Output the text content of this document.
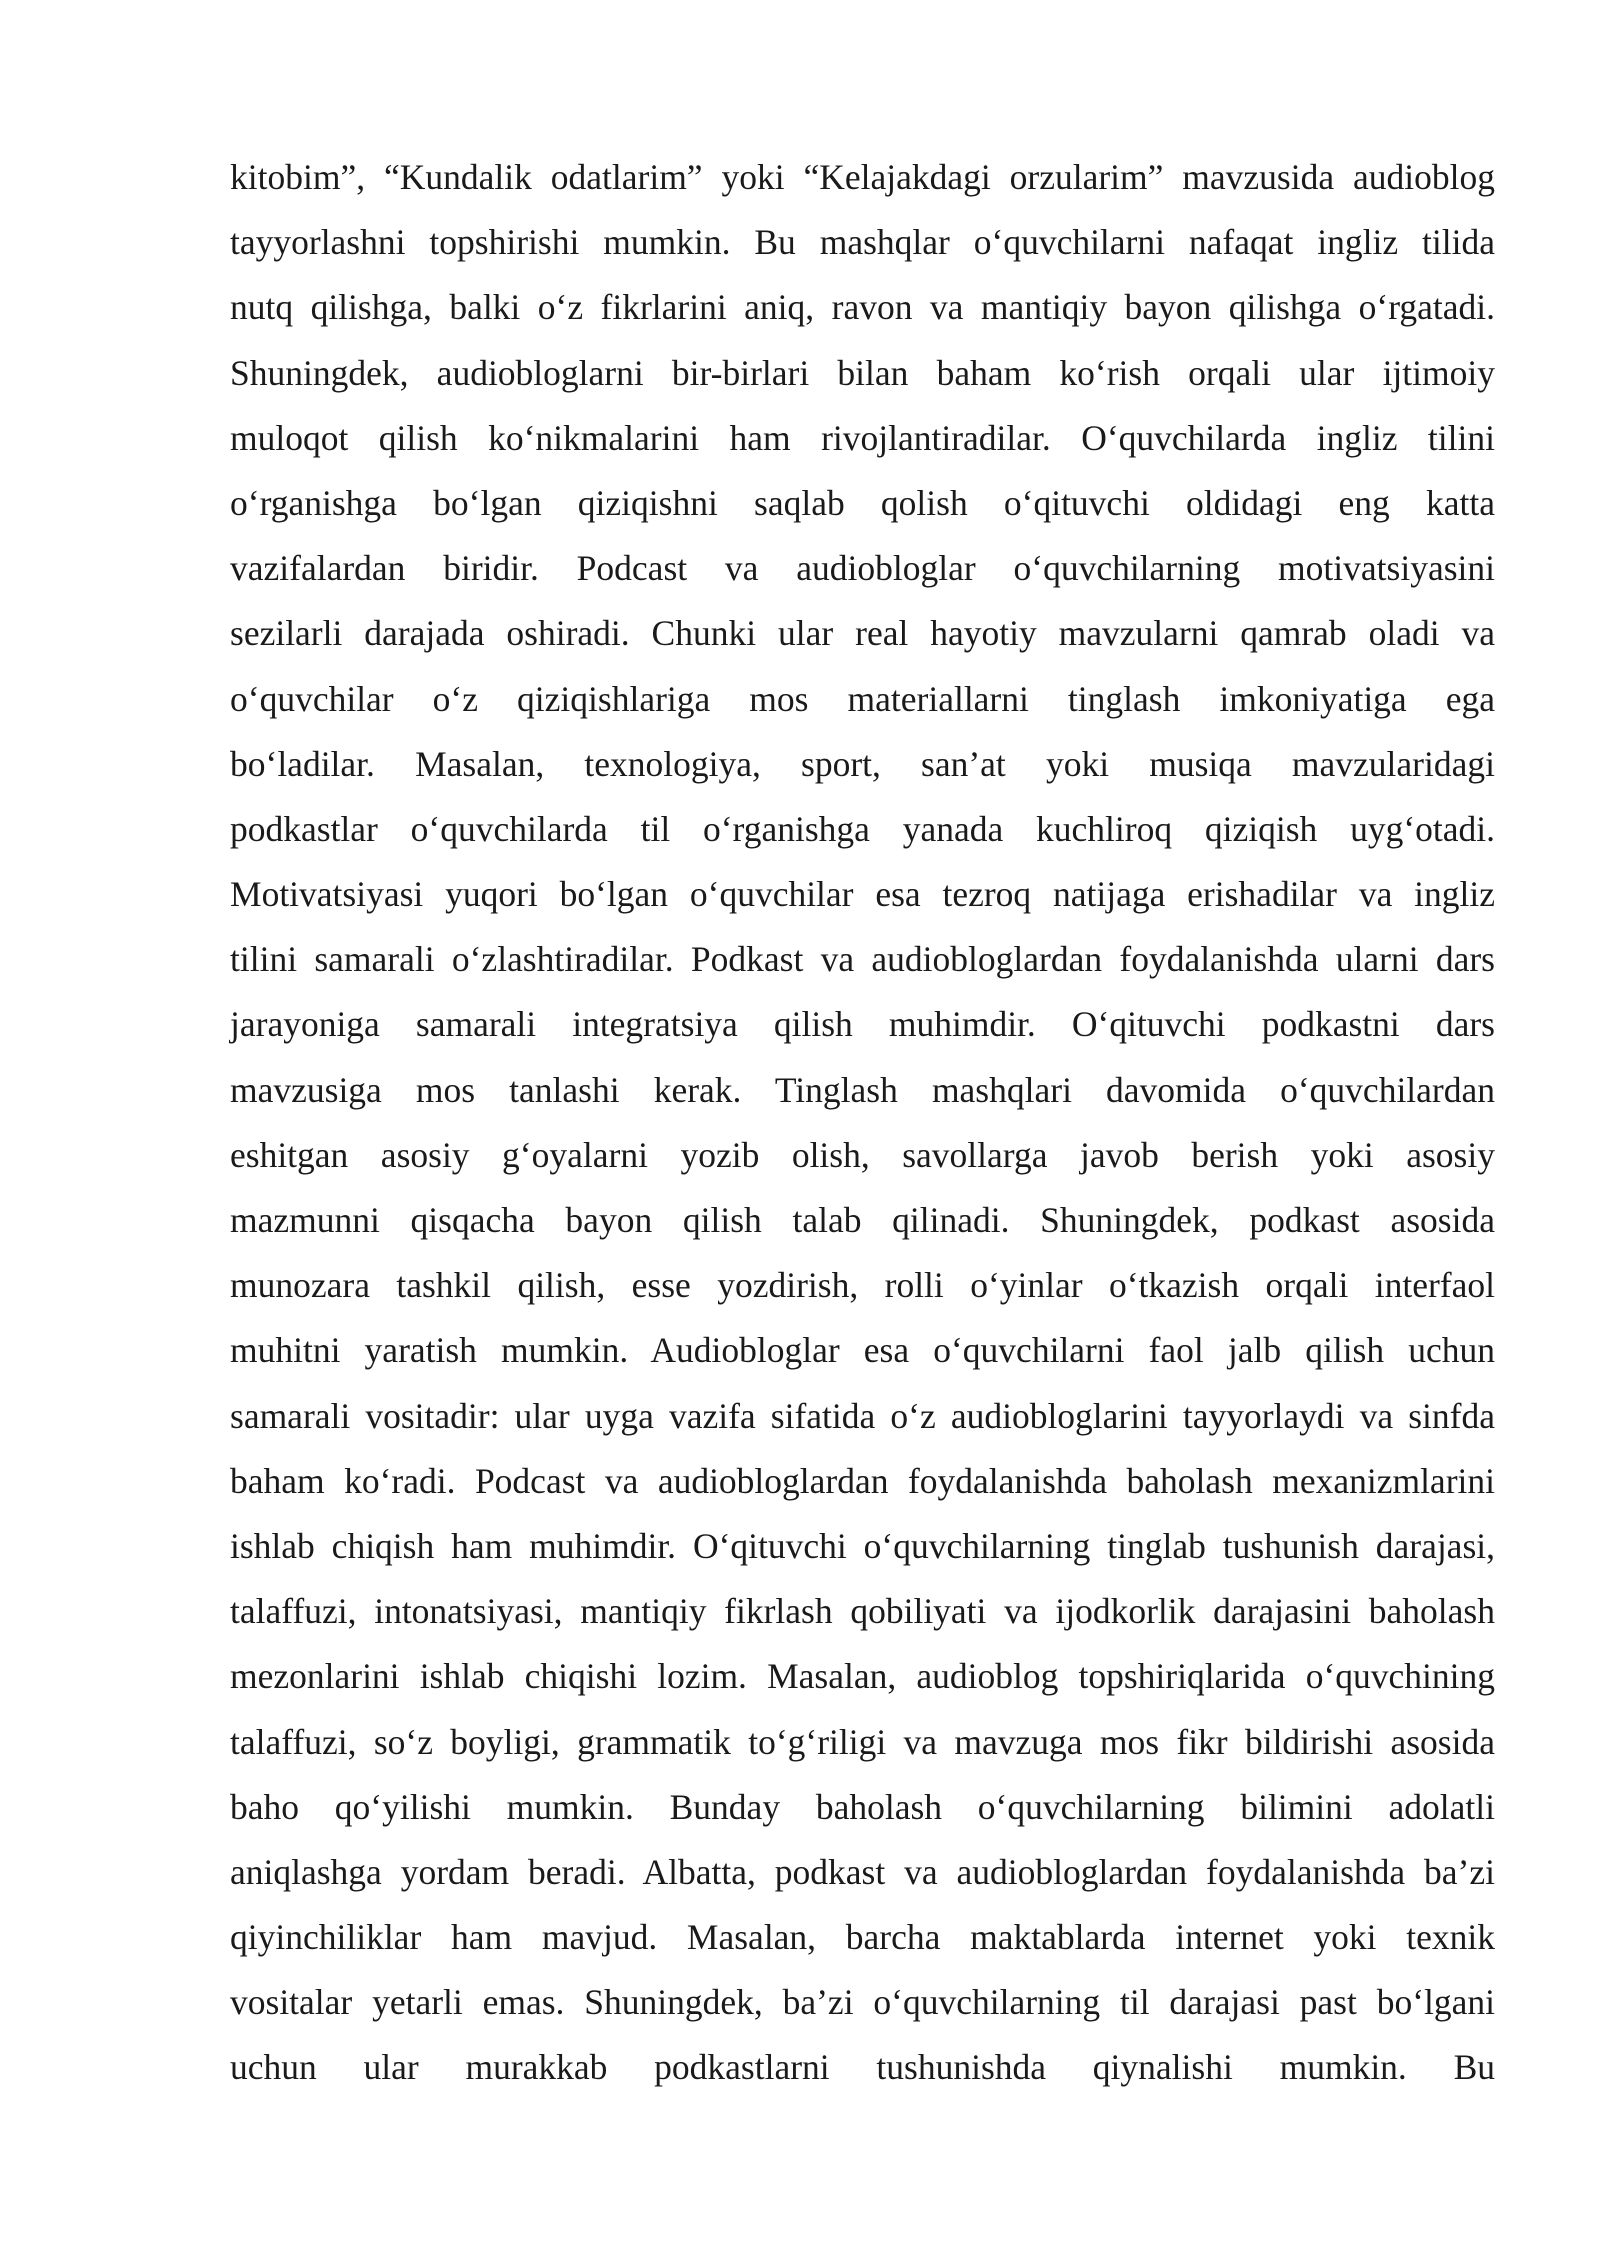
kitobim”, “Kundalik odatlarim” yoki “Kelajakdagi orzularim” mavzusida audioblog
tayyorlashni topshirishi mumkin. Bu mashqlar o‘quvchilarni nafaqat ingliz tilida
nutq qilishga, balki o‘z fikrlarini aniq, ravon va mantiqiy bayon qilishga o‘rgatadi.
Shuningdek, audiobloglarni bir-birlari bilan baham ko‘rish orqali ular ijtimoiy
muloqot qilish ko‘nikmalarini ham rivojlantiradilar. O‘quvchilarda ingliz tilini
o‘rganishga bo‘lgan qiziqishni saqlab qolish o‘qituvchi oldidagi eng katta
vazifalardan biridir. Podcast va audiobloglar o‘quvchilarning motivatsiyasini
sezilarli darajada oshiradi. Chunki ular real hayotiy mavzularni qamrab oladi va
o‘quvchilar o‘z qiziqishlariga mos materiallarni tinglash imkoniyatiga ega
bo‘ladilar. Masalan, texnologiya, sport, san’at yoki musiqa mavzularidagi
podkastlar o‘quvchilarda til o‘rganishga yanada kuchliroq qiziqish uyg‘otadi.
Motivatsiyasi yuqori bo‘lgan o‘quvchilar esa tezroq natijaga erishadilar va ingliz
tilini samarali o‘zlashtiradilar. Podkast va audiobloglardan foydalanishda ularni dars
jarayoniga samarali integratsiya qilish muhimdir. O‘qituvchi podkastni dars
mavzusiga mos tanlashi kerak. Tinglash mashqlari davomida o‘quvchilardan
eshitgan asosiy g‘oyalarni yozib olish, savollarga javob berish yoki asosiy
mazmunni qisqacha bayon qilish talab qilinadi. Shuningdek, podkast asosida
munozara tashkil qilish, esse yozdirish, rolli o‘yinlar o‘tkazish orqali interfaol
muhitni yaratish mumkin. Audiobloglar esa o‘quvchilarni faol jalb qilish uchun
samarali vositadir: ular uyga vazifa sifatida o‘z audiobloglarini tayyorlaydi va sinfda
baham ko‘radi. Podcast va audiobloglardan foydalanishda baholash mexanizmlarini
ishlab chiqish ham muhimdir. O‘qituvchi o‘quvchilarning tinglab tushunish darajasi,
talaffuzi, intonatsiyasi, mantiqiy fikrlash qobiliyati va ijodkorlik darajasini baholash
mezonlarini ishlab chiqishi lozim. Masalan, audioblog topshiriqlarida o‘quvchining
talaffuzi, so‘z boyligi, grammatik to‘g‘riligi va mavzuga mos fikr bildirishi asosida
baho qo‘yilishi mumkin. Bunday baholash o‘quvchilarning bilimini adolatli
aniqlashga yordam beradi. Albatta, podkast va audiobloglardan foydalanishda ba’zi
qiyinchiliklar ham mavjud. Masalan, barcha maktablarda internet yoki texnik
vositalar yetarli emas. Shuningdek, ba’zi o‘quvchilarning til darajasi past bo‘lgani
uchun ular murakkab podkastlarni tushunishda qiynalishi mumkin. Bu
